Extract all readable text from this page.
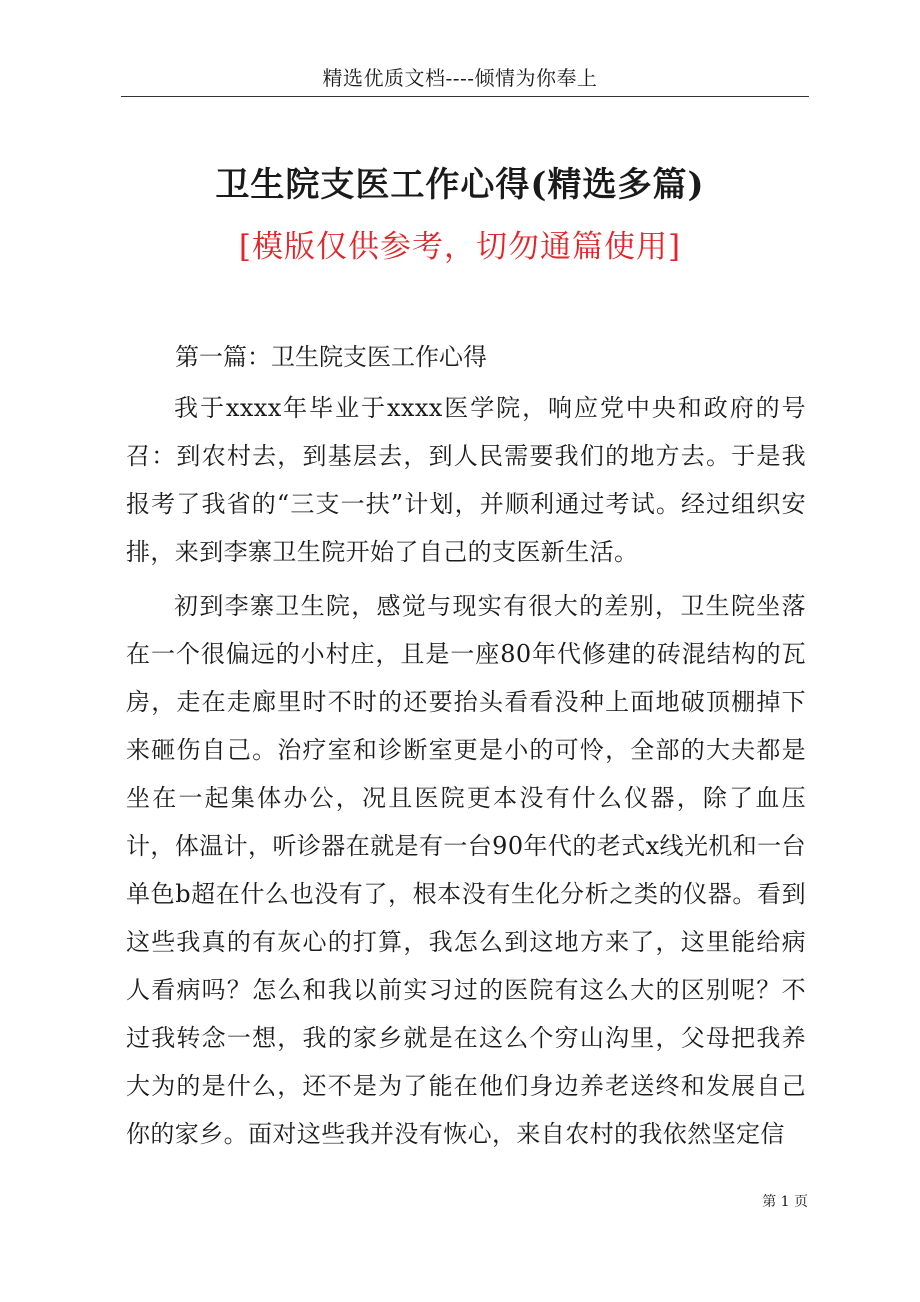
精选优质文档----倾情为你奉上
卫生院支医工作心得(精选多篇)
[模版仅供参考，切勿通篇使用]
第一篇：卫生院支医工作心得

我于xxxx年毕业于xxxx医学院，响应党中央和政府的号召：到农村去，到基层去，到人民需要我们的地方去。于是我报考了我省的“三支一扶”计划，并顺利通过考试。经过组织安排，来到李寨卫生院开始了自己的支医新生活。

初到李寨卫生院，感觉与现实有很大的差别，卫生院坐落在一个很偏远的小村庄，且是一座80年代修建的砖混结构的瓦房，走在走廊里时不时的还要抬头看看没种上面地破顶棚掉下来砸伤自己。治疗室和诊断室更是小的可怜，全部的大夫都是坐在一起集体办公，况且医院更本没有什么仪器，除了血压计，体温计，听诊器在就是有一台90年代的老式x线光机和一台单色b超在什么也没有了，根本没有生化分析之类的仪器。看到这些我真的有灰心的打算，我怎么到这地方来了，这里能给病人看病吗？怎么和我以前实习过的医院有这么大的区别呢？不过我转念一想，我的家乡就是在这么个穷山沟里，父母把我养大为的是什么，还不是为了能在他们身边养老送终和发展自己你的家乡。面对这些我并没有恢心，来自农村的我依然坚定信

第 1 页
